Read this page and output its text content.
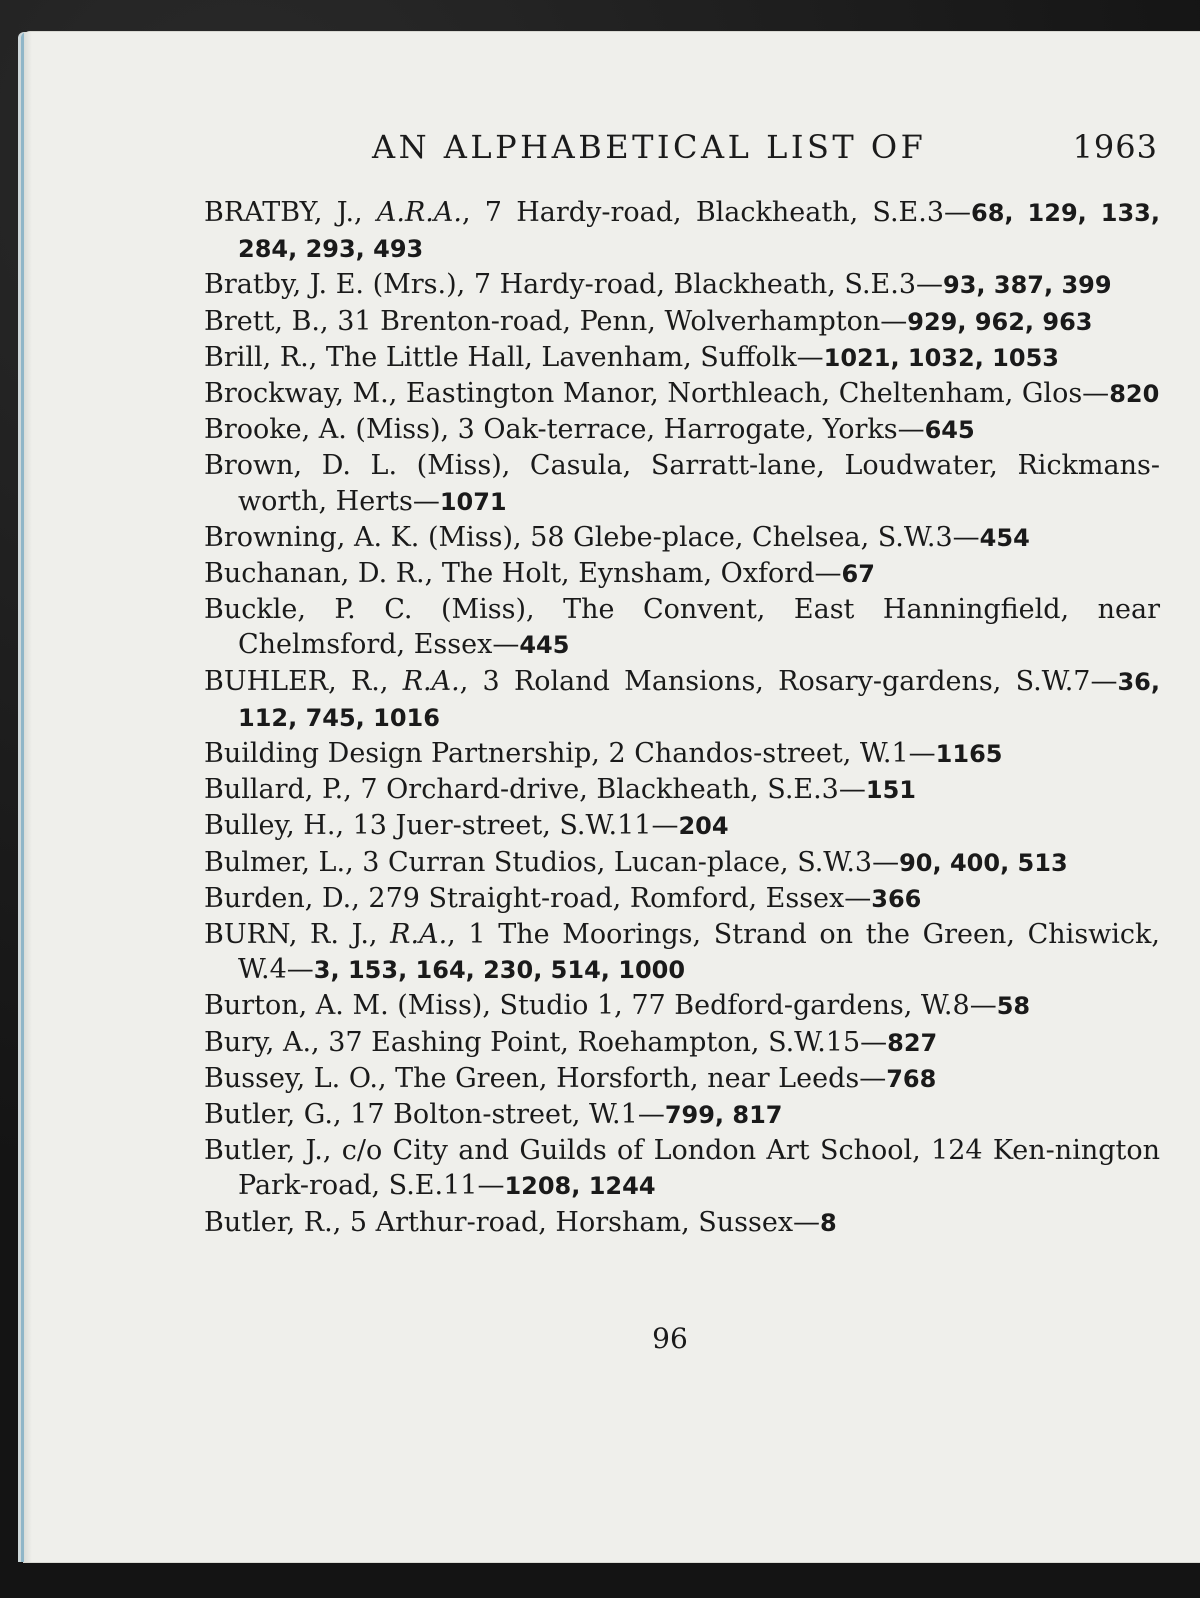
AN ALPHABETICAL LIST OF	1963
BRATBY, J., A.R.A., 7 Hardy-road, Blackheath, S.E.3—68, 129, 133, 284, 293, 493
Bratby, J. E. (Mrs.), 7 Hardy-road, Blackheath, S.E.3—93, 387, 399
Brett, B., 31 Brenton-road, Penn, Wolverhampton—929, 962, 963
Brill, R., The Little Hall, Lavenham, Suffolk—1021, 1032, 1053
Brockway, M., Eastington Manor, Northleach, Cheltenham, Glos—820
Brooke, A. (Miss), 3 Oak-terrace, Harrogate, Yorks—645
Brown, D. L. (Miss), Casula, Sarratt-lane, Loudwater, Rickmans-worth, Herts—1071
Browning, A. K. (Miss), 58 Glebe-place, Chelsea, S.W.3—454
Buchanan, D. R., The Holt, Eynsham, Oxford—67
Buckle, P. C. (Miss), The Convent, East Hanningfield, near Chelmsford, Essex—445
BUHLER, R., R.A., 3 Roland Mansions, Rosary-gardens, S.W.7—36, 112, 745, 1016
Building Design Partnership, 2 Chandos-street, W.1—1165
Bullard, P., 7 Orchard-drive, Blackheath, S.E.3—151
Bulley, H., 13 Juer-street, S.W.11—204
Bulmer, L., 3 Curran Studios, Lucan-place, S.W.3—90, 400, 513
Burden, D., 279 Straight-road, Romford, Essex—366
BURN, R. J., R.A., 1 The Moorings, Strand on the Green, Chiswick, W.4—3, 153, 164, 230, 514, 1000
Burton, A. M. (Miss), Studio 1, 77 Bedford-gardens, W.8—58
Bury, A., 37 Eashing Point, Roehampton, S.W.15—827
Bussey, L. O., The Green, Horsforth, near Leeds—768
Butler, G., 17 Bolton-street, W.1—799, 817
Butler, J., c/o City and Guilds of London Art School, 124 Ken-nington Park-road, S.E.11—1208, 1244
Butler, R., 5 Arthur-road, Horsham, Sussex—8
96
